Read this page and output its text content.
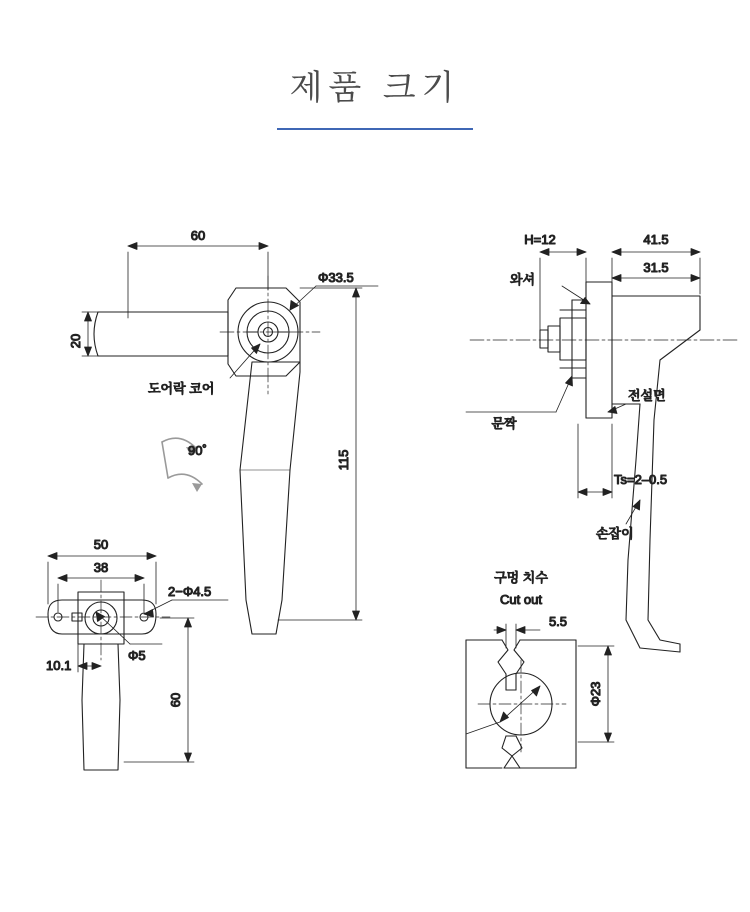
제품 크기
60
20
Φ33.5
115
도어락 코어
90˚
H=12	41.5
31.5
와셔
전설면
문짝
Ts=2–0.5
손잡이
50
38
2−Φ4.5
Φ5
10.1
60
구멍 치수
Cut out
5.5
Φ23
